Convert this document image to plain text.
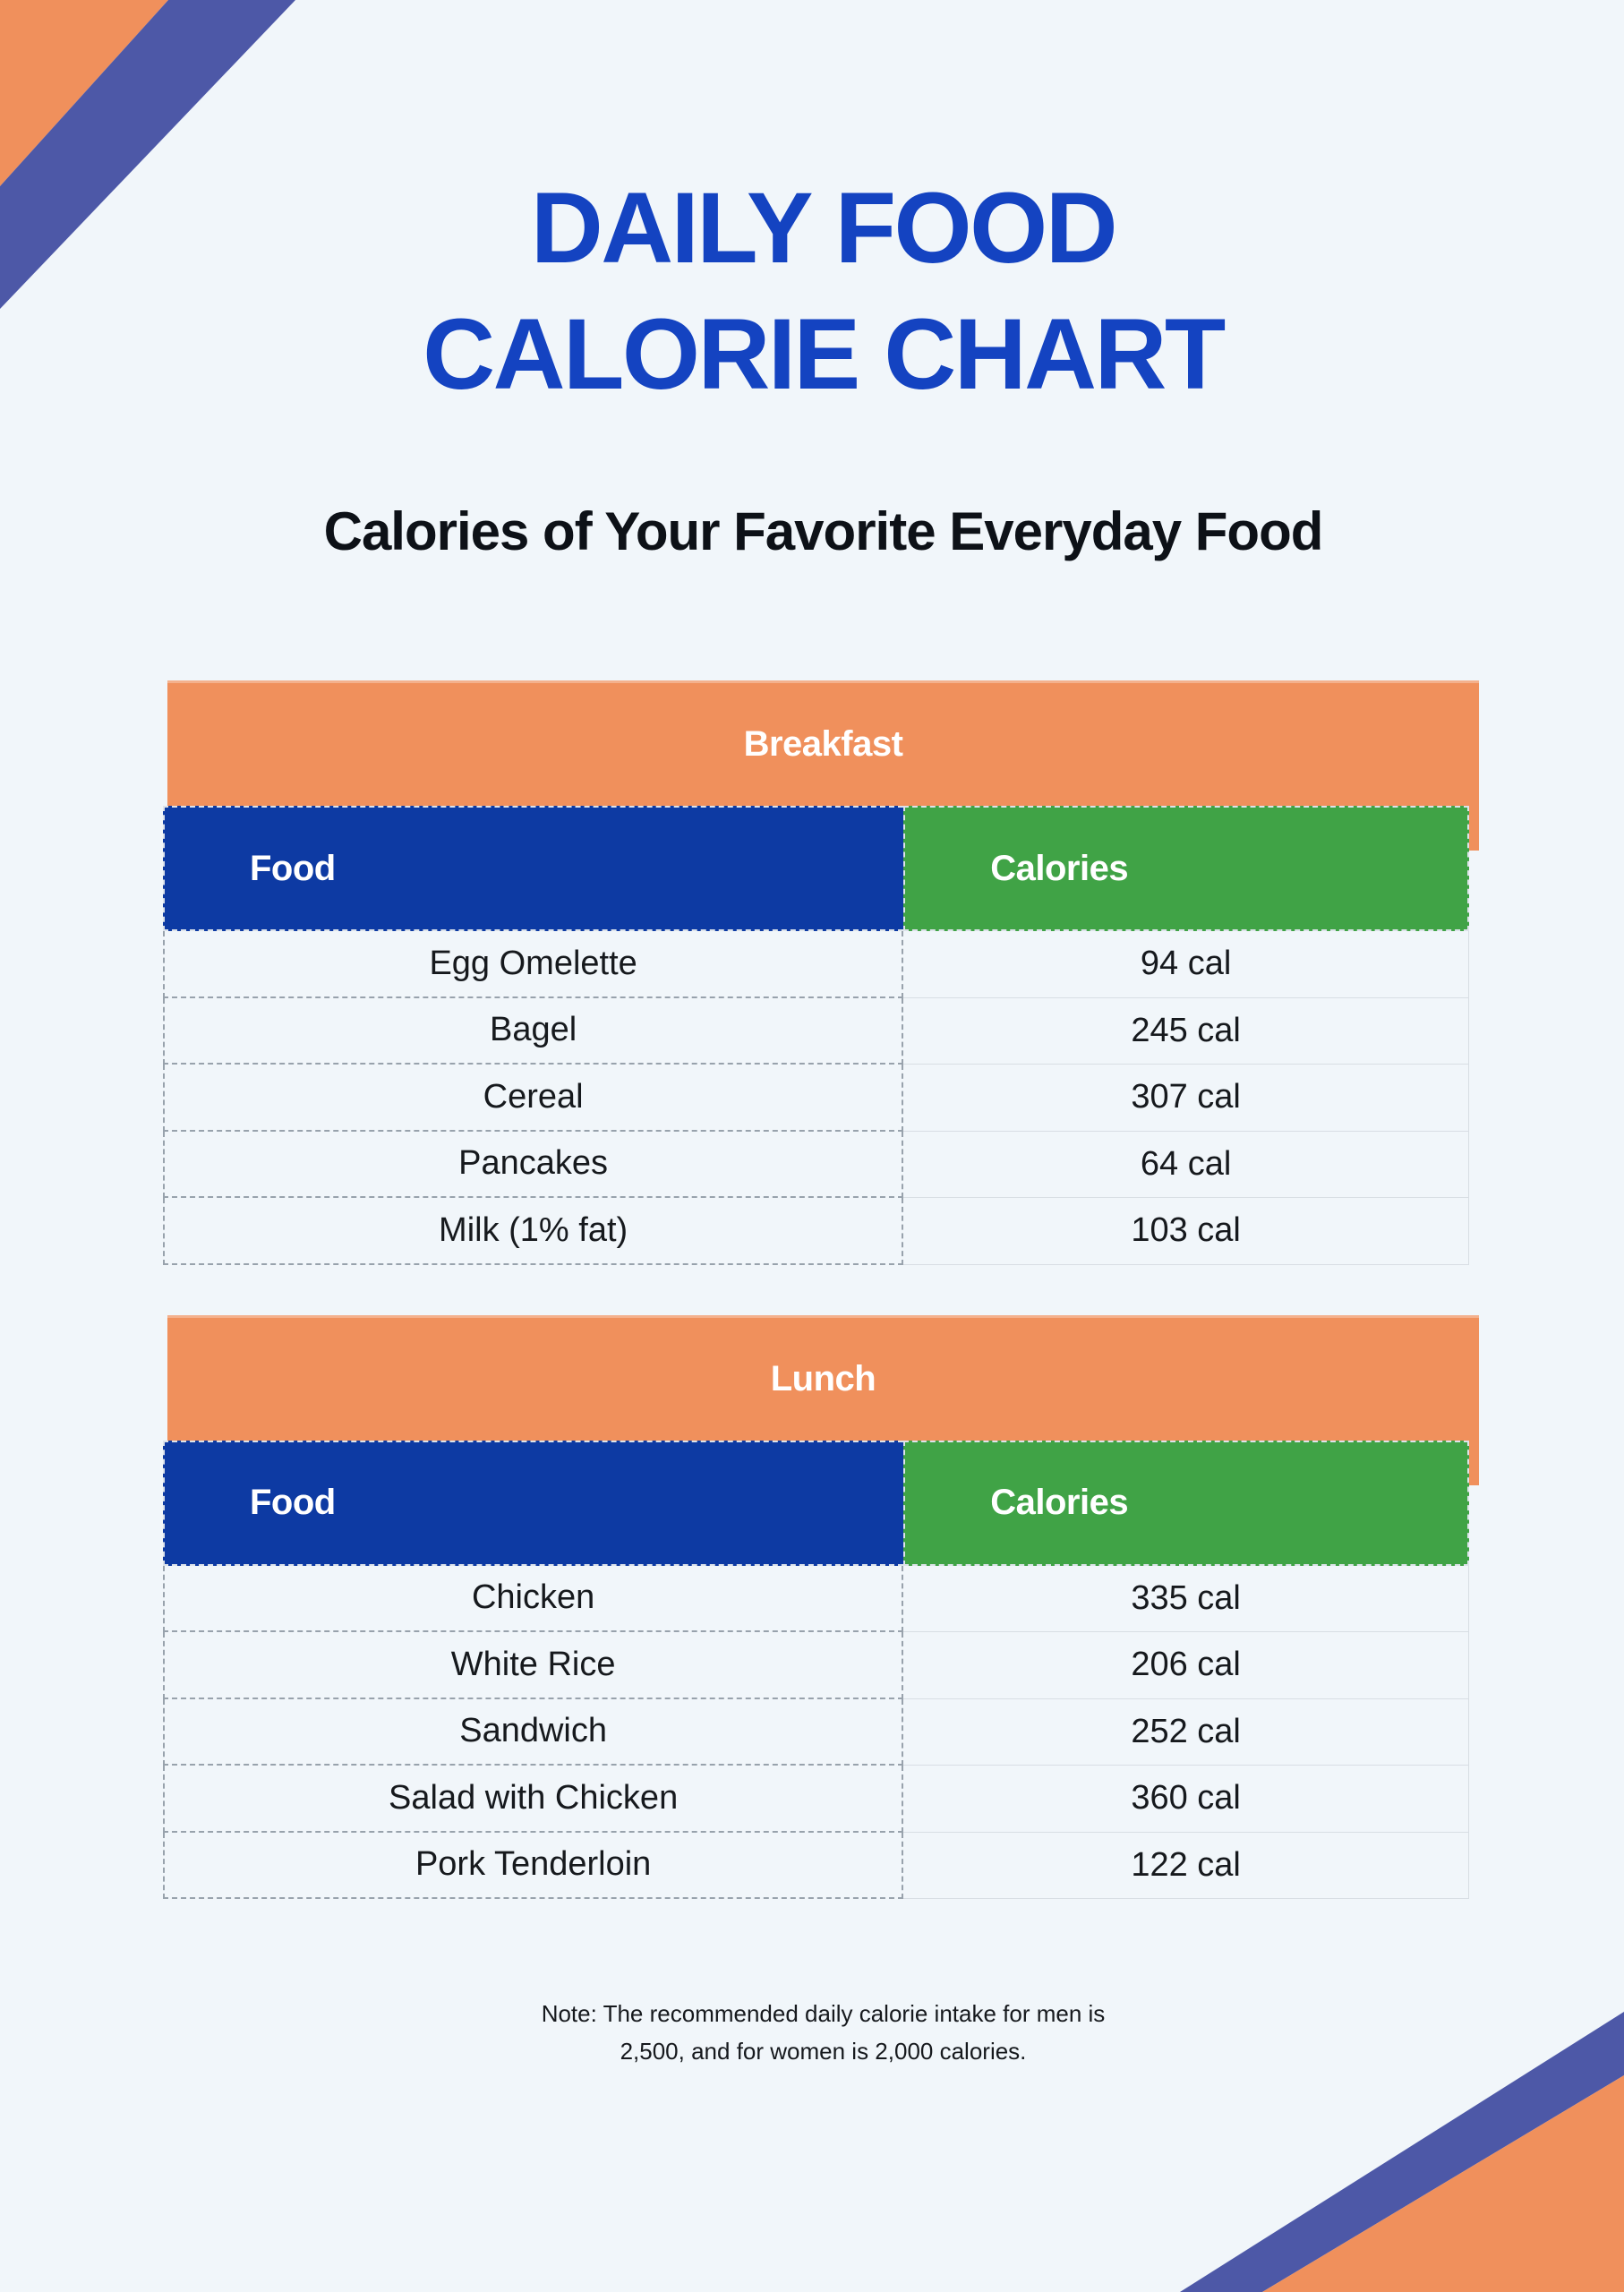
DAILY FOOD
CALORIE CHART
Calories of Your Favorite Everyday Food
Breakfast
Food	Calories
Egg Omelette	94 cal
Bagel	245 cal
Cereal	307 cal
Pancakes	64 cal
Milk (1% fat)	103 cal
Lunch
Food	Calories
Chicken	335 cal
White Rice	206 cal
Sandwich	252 cal
Salad with Chicken	360 cal
Pork Tenderloin	122 cal
Note: The recommended daily calorie intake for men is
2,500, and for women is 2,000 calories.
